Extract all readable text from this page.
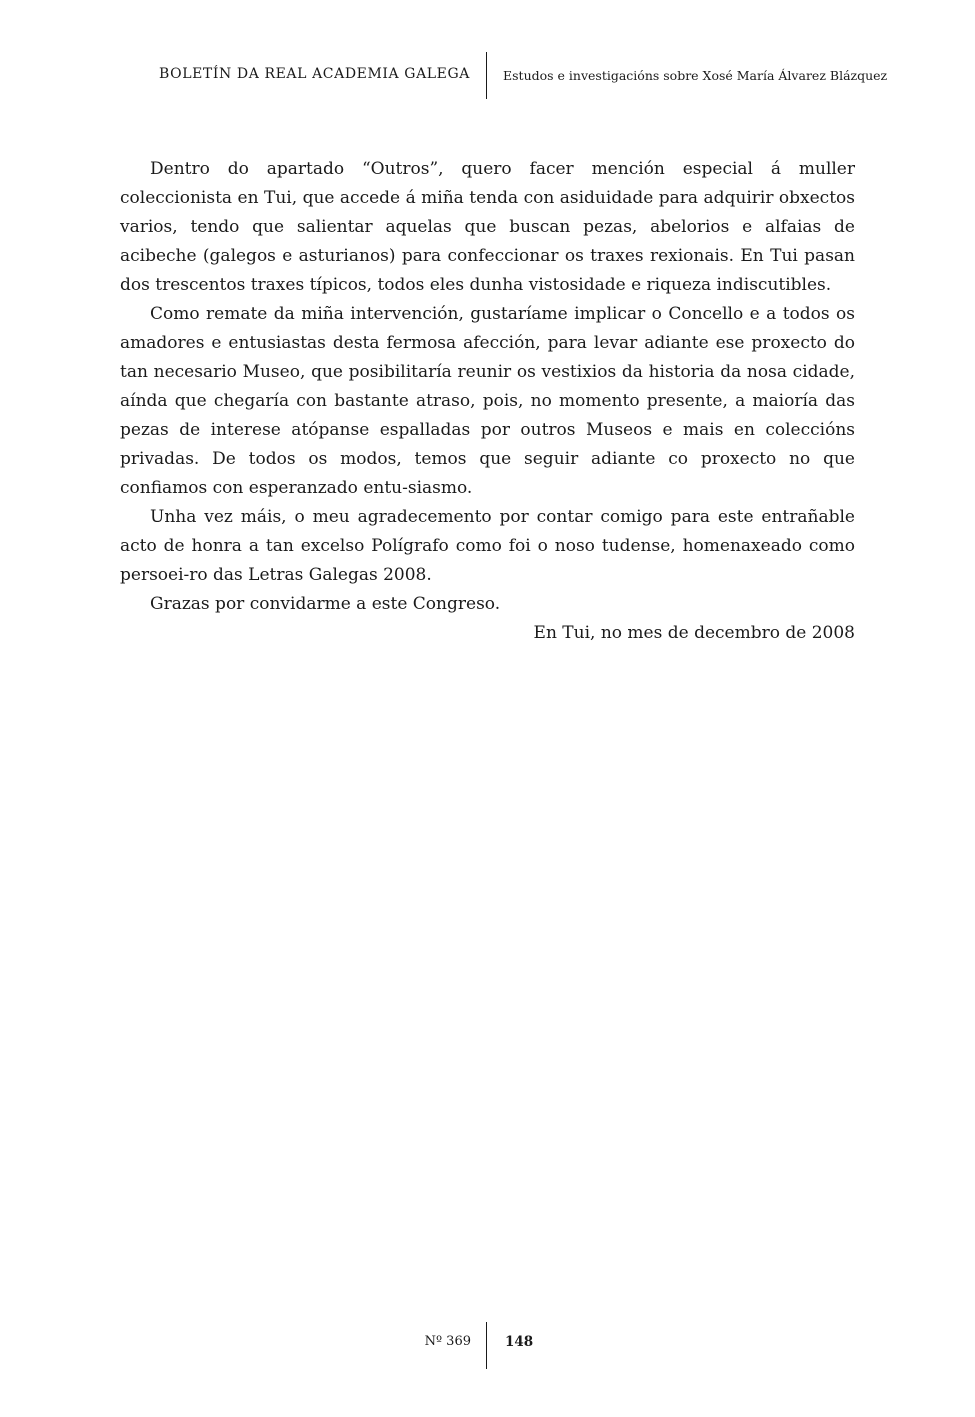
BOLETÍN DA REAL ACADEMIA GALEGA	Estudos e investigacións sobre Xosé María Álvarez Blázquez

Dentro do apartado “Outros”, quero facer mención especial á muller coleccionista en Tui, que accede á miña tenda con asiduidade para adquirir obxectos varios, tendo que salientar aquelas que buscan pezas, abelorios e alfaias de acibeche (galegos e asturianos) para confeccionar os traxes rexionais. En Tui pasan dos trescentos traxes típicos, todos eles dunha vistosidade e riqueza indiscutibles.

Como remate da miña intervención, gustaríame implicar o Concello e a todos os amadores e entusiastas desta fermosa afección, para levar adiante ese proxecto do tan necesario Museo, que posibilitaría reunir os vestixios da historia da nosa cidade, aínda que chegaría con bastante atraso, pois, no momento presente, a maioría das pezas de interese atópanse espalladas por outros Museos e mais en coleccións privadas. De todos os modos, temos que seguir adiante co proxecto no que confiamos con esperanzado entu-siasmo.

Unha vez máis, o meu agradecemento por contar comigo para este entrañable acto de honra a tan excelso Polígrafo como foi o noso tudense, homenaxeado como persoei-ro das Letras Galegas 2008.

Grazas por convidarme a este Congreso.

En Tui, no mes de decembro de 2008

Nº 369	148
